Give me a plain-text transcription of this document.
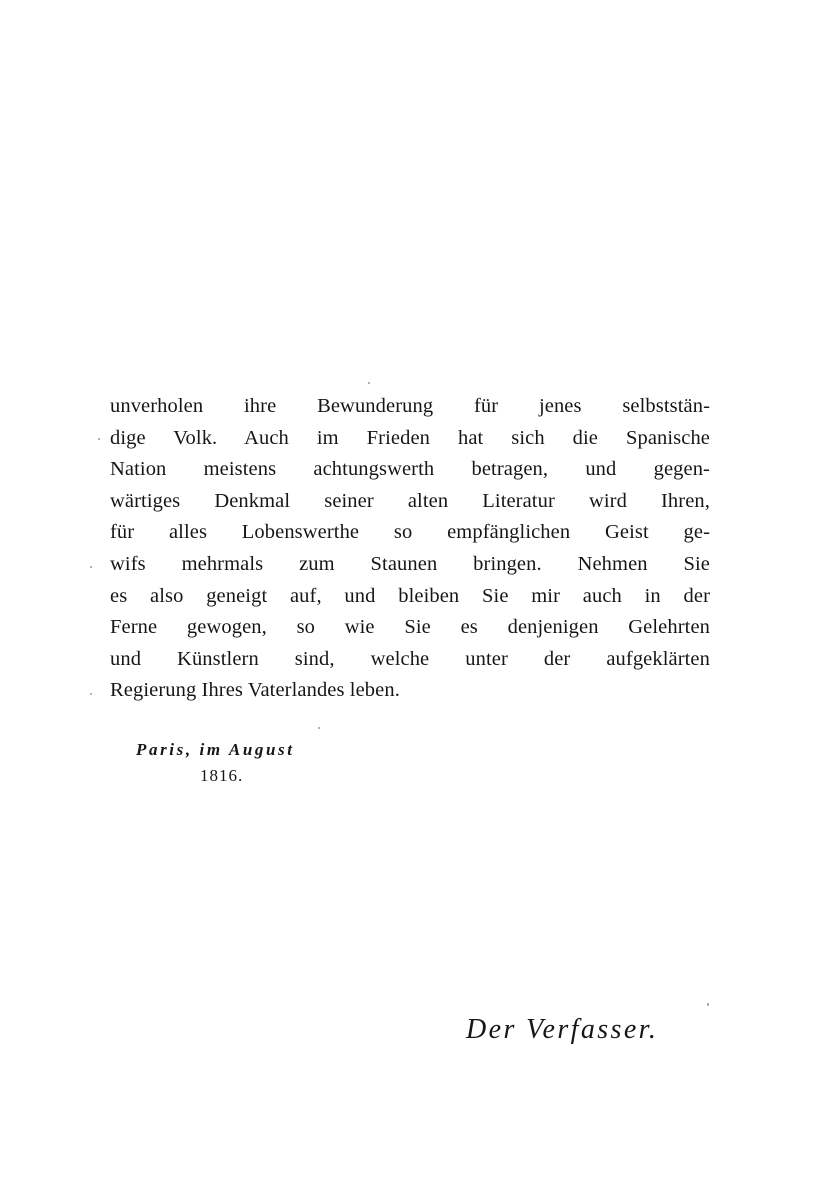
unverholen ihre Bewunderung für jenes selbststän-
dige Volk. Auch im Frieden hat sich die Spanische
Nation meistens achtungswerth betragen, und gegen-
wärtiges Denkmal seiner alten Literatur wird Ihren,
für alles Lobenswerthe so empfänglichen Geist ge-
wifs mehrmals zum Staunen bringen. Nehmen Sie
es also geneigt auf, und bleiben Sie mir auch in der
Ferne gewogen, so wie Sie es denjenigen Gelehrten
und Künstlern sind, welche unter der aufgeklärten
Regierung Ihres Vaterlandes leben.
Paris, im August
1816.
Der Verfasser.
